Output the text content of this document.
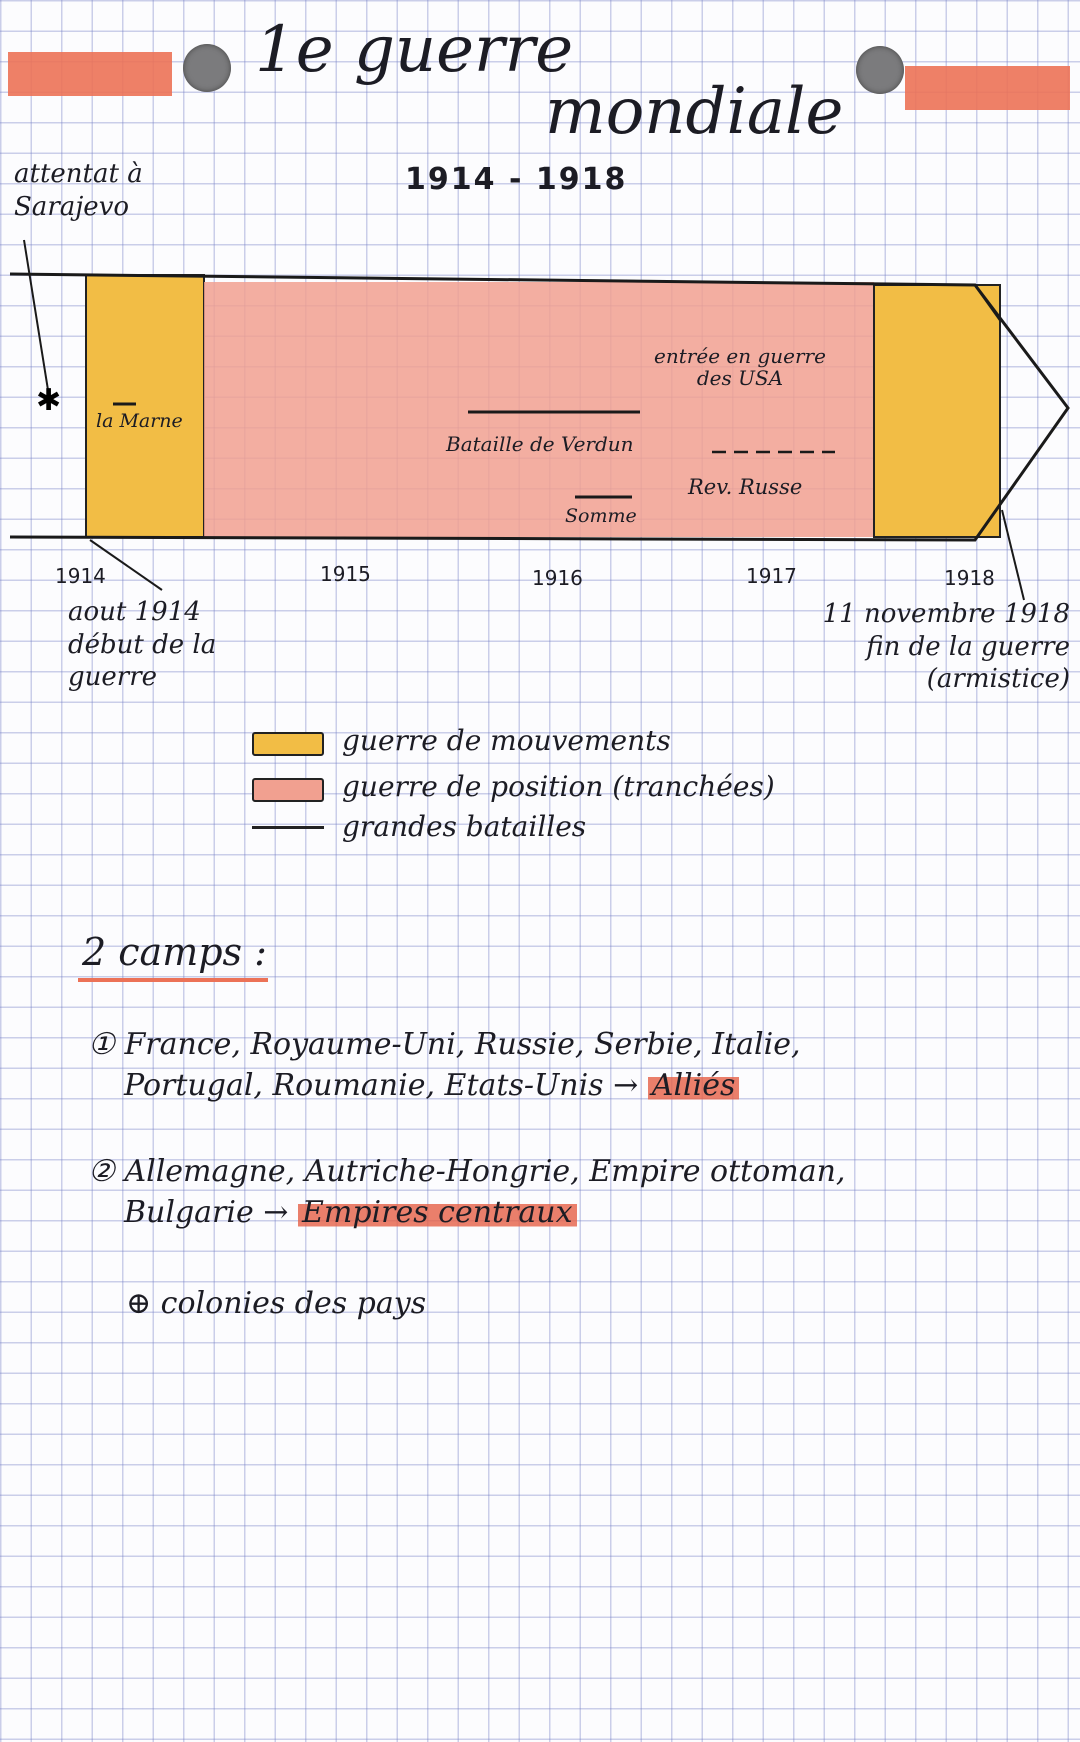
1e guerre
mondiale
1914 - 1918
attentat à Sarajevo
✱
la Marne
Bataille de Verdun
Somme
entrée en guerre des USA
Rev. Russe
1914	1915	1916	1917	1918
aout 1914 début de la guerre
11 novembre 1918 fin de la guerre (armistice)
guerre de mouvements
guerre de position (tranchées)
grandes batailles
2 camps :
① France, Royaume-Uni, Russie, Serbie, Italie,
Portugal, Roumanie, Etats-Unis → Alliés
② Allemagne, Autriche-Hongrie, Empire ottoman,
Bulgarie → Empires centraux
⊕ colonies des pays
